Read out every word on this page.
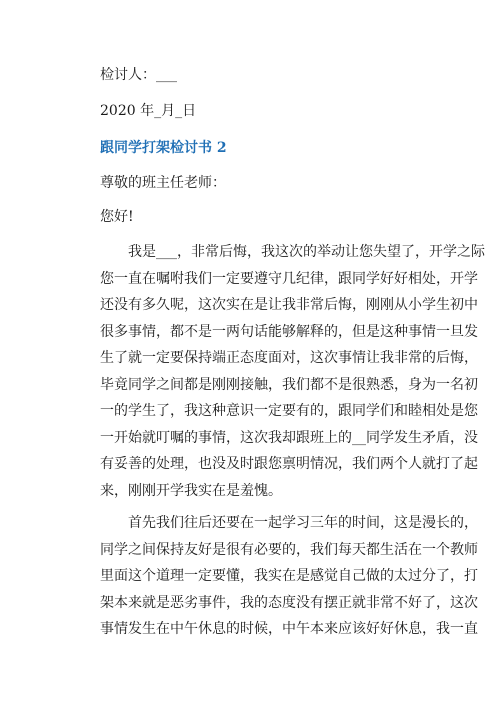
检讨人：___
2020 年_月_日
跟同学打架检讨书 2
尊敬的班主任老师：
您好!
　　我是___，非常后悔，我这次的举动让您失望了，开学之际
您一直在嘱咐我们一定要遵守几纪律，跟同学好好相处，开学
还没有多久呢，这次实在是让我非常后悔，刚刚从小学生初中
很多事情，都不是一两句话能够解释的，但是这种事情一旦发
生了就一定要保持端正态度面对，这次事情让我非常的后悔，
毕竟同学之间都是刚刚接触，我们都不是很熟悉，身为一名初
一的学生了，我这种意识一定要有的，跟同学们和睦相处是您
一开始就叮嘱的事情，这次我却跟班上的__同学发生矛盾，没
有妥善的处理，也没及时跟您禀明情况，我们两个人就打了起
来，刚刚开学我实在是羞愧。
　　首先我们往后还要在一起学习三年的时间，这是漫长的，
同学之间保持友好是很有必要的，我们每天都生活在一个教师
里面这个道理一定要懂，我实在是感觉自己做的太过分了，打
架本来就是恶劣事件，我的态度没有摆正就非常不好了，这次
事情发生在中午休息的时候，中午本来应该好好休息，我一直
